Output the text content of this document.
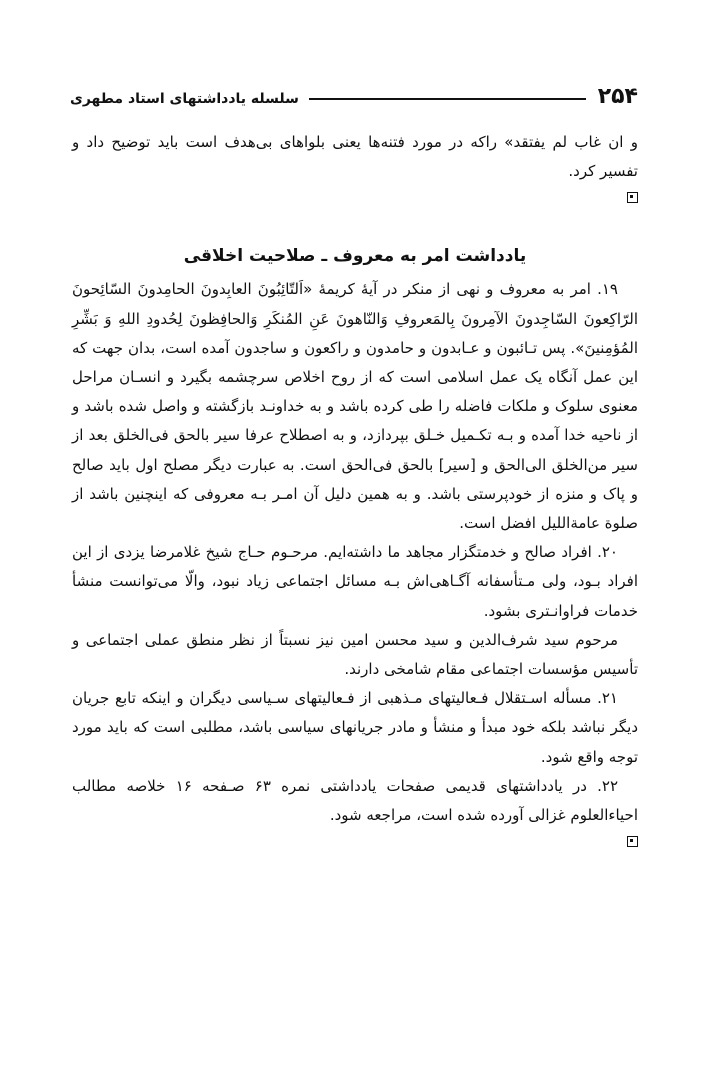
۲۵۴
سلسله یادداشتهای استاد مطهری

و ان غاب لم یفتقد» راکه در مورد فتنه‌ها یعنی بلواهای بی‌هدف است باید توضیح داد و تفسیر کرد.

یادداشت امر به معروف ـ صلاحیت اخلاقی

۱۹. امر به معروف و نهی از منکر در آیهٔ کریمهٔ «اَلتّائِبُونَ العابِدونَ الحامِدونَ السّائِحونَ الرّاکِعونَ السّاجِدونَ الآمِرونَ بِالمَعروفِ وَالنّاهونَ عَنِ المُنکَرِ وَالحافِظونَ لِحُدودِ اللهِ وَ بَشِّرِ المُؤمِنینَ». پس تـائبون و عـابدون و حامدون و راکعون و ساجدون آمده است، بدان جهت که این عمل آنگاه یک عمل اسلامی است که از روح اخلاص سرچشمه بگیرد و انسـان مراحل معنوی سلوک و ملکات فاضله را طی کرده باشد و به خداونـد بازگشته و واصل شده باشد و از ناحیه خدا آمده و بـه تکـمیل خـلق بپردازد، و به اصطلاح عرفا سیر بالحق فی‌الخلق بعد از سیر من‌الخلق الی‌الحق و [سیر] بالحق فی‌الحق است. به عبارت دیگر مصلح اول باید صالح و پاک و منزه از خودپرستی باشد. و به همین دلیل آن امـر بـه معروفی که اینچنین باشد از صلوة عامةاللیل افضل است.

۲۰. افراد صالح و خدمتگزار مجاهد ما داشته‌ایم. مرحـوم حـاج شیخ غلامرضا یزدی از این افراد بـود، ولی مـتأسفانه آگـاهی‌اش بـه مسائل اجتماعی زیاد نبود، والّا می‌توانست منشأ خدمات فراوانـتری بشود.

مرحوم سید شرف‌الدین و سید محسن امین نیز نسبتاً از نظر منطق عملی اجتماعی و تأسیس مؤسسات اجتماعی مقام شامخی دارند.

۲۱. مسأله اسـتقلال فـعالیتهای مـذهبی از فـعالیتهای سـیاسی دیگران و اینکه تابع جریان دیگر نباشد بلکه خود مبدأ و منشأ و مادر جریانهای سیاسی باشد، مطلبی است که باید مورد توجه واقع شود.

۲۲. در یادداشتهای قدیمی صفحات یادداشتی نمره ۶۳ صـفحه ۱۶ خلاصه مطالب احیاءالعلوم غزالی آورده شده است، مراجعه شود.
